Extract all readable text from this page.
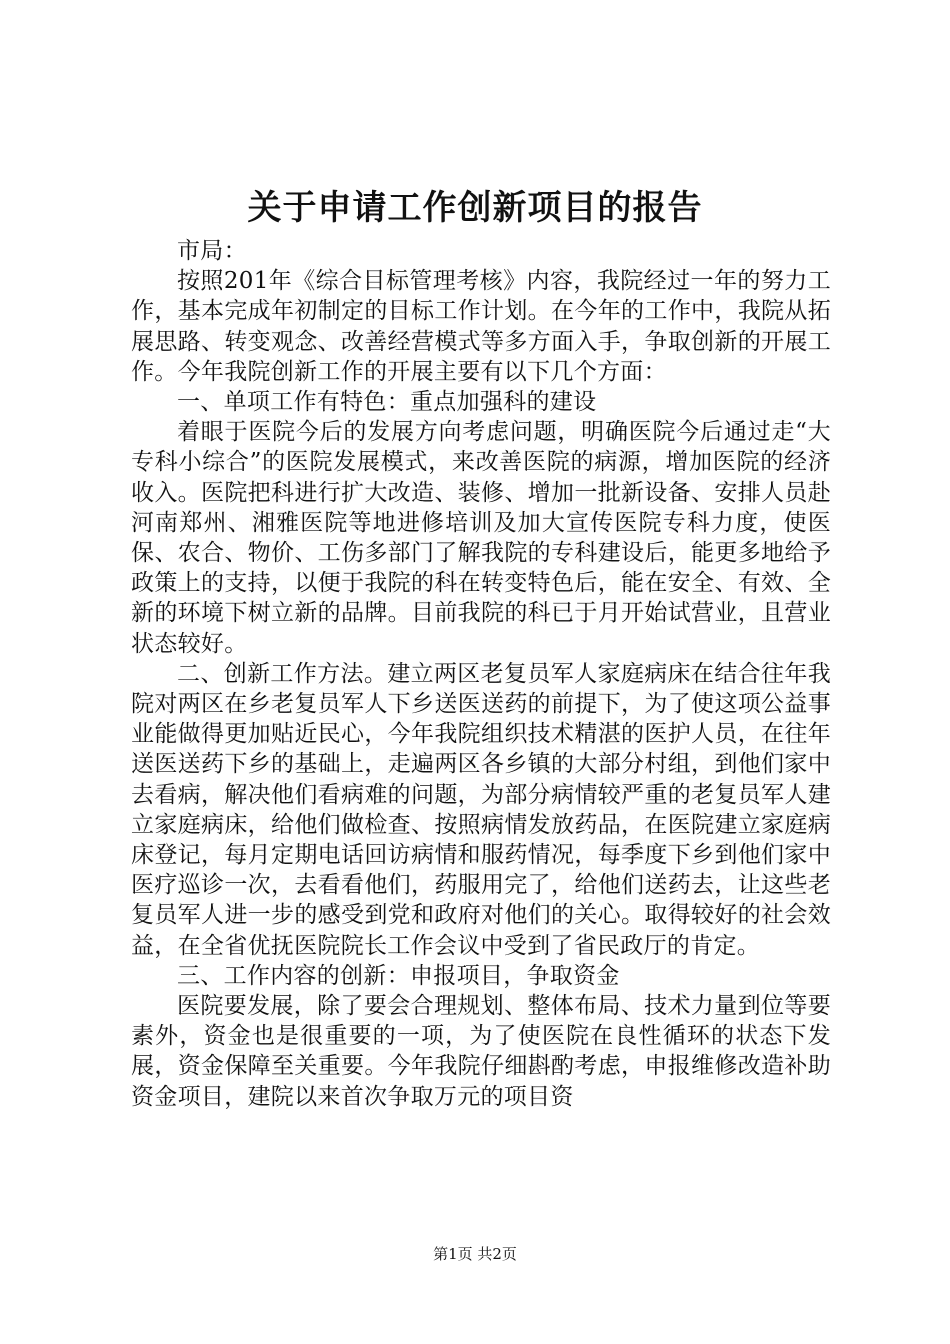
关于申请工作创新项目的报告

市局：

按照201年《综合目标管理考核》内容，我院经过一年的努力工作，基本完成年初制定的目标工作计划。在今年的工作中，我院从拓展思路、转变观念、改善经营模式等多方面入手，争取创新的开展工作。今年我院创新工作的开展主要有以下几个方面：

一、单项工作有特色：重点加强科的建设

着眼于医院今后的发展方向考虑问题，明确医院今后通过走“大专科小综合”的医院发展模式，来改善医院的病源，增加医院的经济收入。医院把科进行扩大改造、装修、增加一批新设备、安排人员赴河南郑州、湘雅医院等地进修培训及加大宣传医院专科力度，使医保、农合、物价、工伤多部门了解我院的专科建设后，能更多地给予政策上的支持，以便于我院的科在转变特色后，能在安全、有效、全新的环境下树立新的品牌。目前我院的科已于月开始试营业，且营业状态较好。

二、创新工作方法。建立两区老复员军人家庭病床在结合往年我院对两区在乡老复员军人下乡送医送药的前提下，为了使这项公益事业能做得更加贴近民心，今年我院组织技术精湛的医护人员，在往年送医送药下乡的基础上，走遍两区各乡镇的大部分村组，到他们家中去看病，解决他们看病难的问题，为部分病情较严重的老复员军人建立家庭病床，给他们做检查、按照病情发放药品，在医院建立家庭病床登记，每月定期电话回访病情和服药情况，每季度下乡到他们家中医疗巡诊一次，去看看他们，药服用完了，给他们送药去，让这些老复员军人进一步的感受到党和政府对他们的关心。取得较好的社会效益，在全省优抚医院院长工作会议中受到了省民政厅的肯定。

三、工作内容的创新：申报项目，争取资金

医院要发展，除了要会合理规划、整体布局、技术力量到位等要素外，资金也是很重要的一项，为了使医院在良性循环的状态下发展，资金保障至关重要。今年我院仔细斟酌考虑，申报维修改造补助资金项目，建院以来首次争取万元的项目资

第1页 共2页
